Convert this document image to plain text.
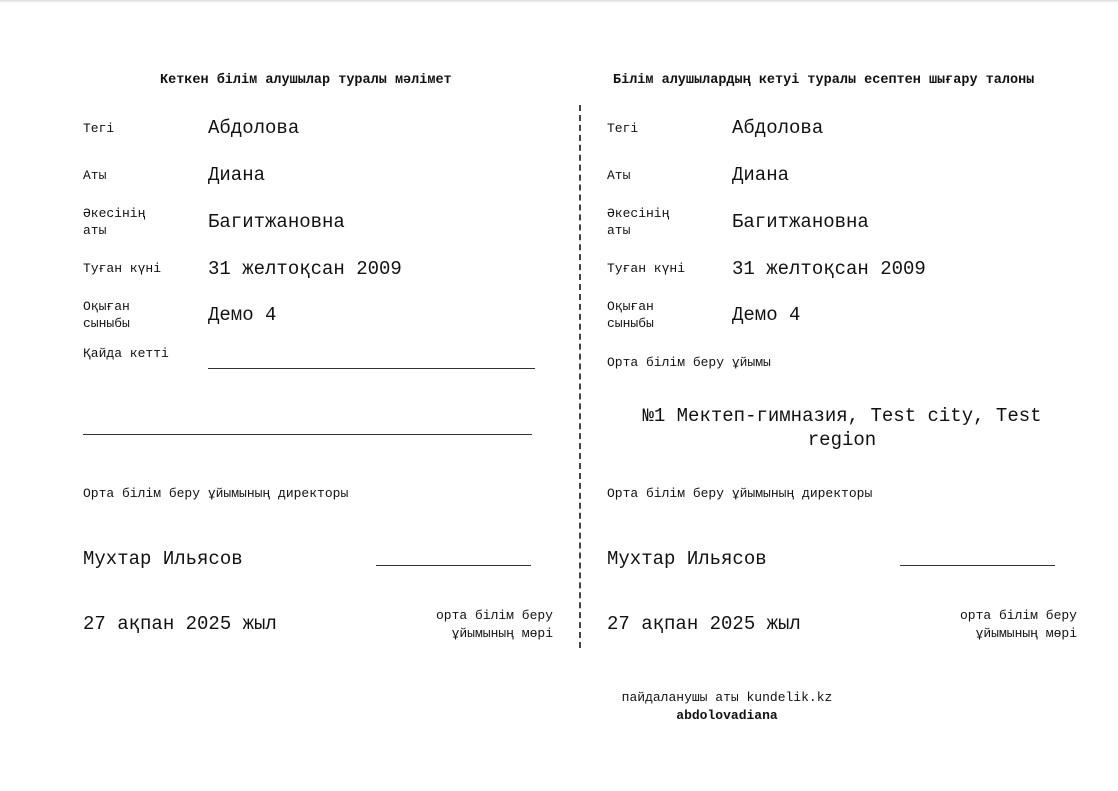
Кеткен білім алушылар туралы мәлімет
Тегі	Абдолова
Аты	Диана
Әкесінің аты	Багитжановна
Туған күні 31 желтоқсан 2009
Оқыған сыныбы	Демо 4
Қайда кетті
Орта білім беру ұйымының директоры
Мухтар Ильясов
27 ақпан 2025 жыл	орта білім беру ұйымының мөрі
Білім алушылардың кетуі туралы есептен шығару талоны
Тегі	Абдолова
Аты	Диана
Әкесінің аты	Багитжановна
Туған күні 31 желтоқсан 2009
Оқыған сыныбы	Демо 4
Орта білім беру ұйымы
№1 Мектеп-гимназия, Test city, Test region
Орта білім беру ұйымының директоры
Мухтар Ильясов
27 ақпан 2025 жыл	орта білім беру ұйымының мөрі
пайдаланушы аты kundelik.kz
abdolovadiana
